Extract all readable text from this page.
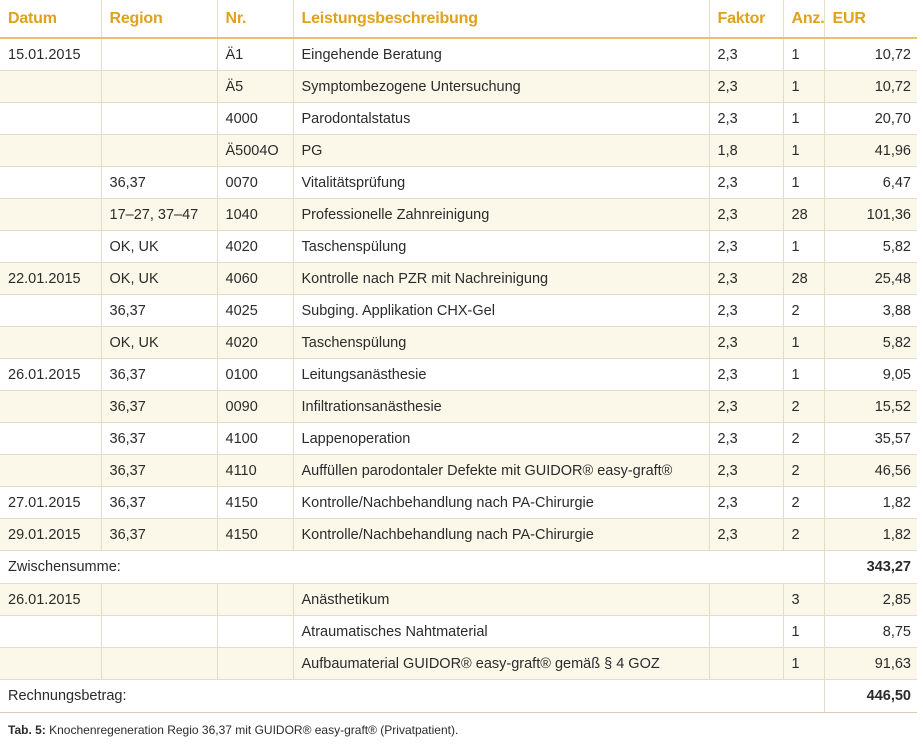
Datum	Region	Nr.	Leistungsbeschreibung	Faktor	Anz.	EUR
15.01.2015		Ä1	Eingehende Beratung	2,3	1	10,72
		Ä5	Symptombezogene Untersuchung	2,3	1	10,72
		4000	Parodontalstatus	2,3	1	20,70
		Ä5004O	PG	1,8	1	41,96
	36,37	0070	Vitalitätsprüfung	2,3	1	6,47
	17–27, 37–47	1040	Professionelle Zahnreinigung	2,3	28	101,36
	OK, UK	4020	Taschenspülung	2,3	1	5,82
22.01.2015	OK, UK	4060	Kontrolle nach PZR mit Nachreinigung	2,3	28	25,48
	36,37	4025	Subging. Applikation CHX-Gel	2,3	2	3,88
	OK, UK	4020	Taschenspülung	2,3	1	5,82
26.01.2015	36,37	0100	Leitungsanästhesie	2,3	1	9,05
	36,37	0090	Infiltrationsanästhesie	2,3	2	15,52
	36,37	4100	Lappenoperation	2,3	2	35,57
	36,37	4110	Auffüllen parodontaler Defekte mit GUIDOR® easy-graft®	2,3	2	46,56
27.01.2015	36,37	4150	Kontrolle/Nachbehandlung nach PA-Chirurgie	2,3	2	1,82
29.01.2015	36,37	4150	Kontrolle/Nachbehandlung nach PA-Chirurgie	2,3	2	1,82
Zwischensumme:						343,27
26.01.2015			Anästhetikum		3	2,85
			Atraumatisches Nahtmaterial		1	8,75
			Aufbaumaterial GUIDOR® easy-graft® gemäß § 4 GOZ		1	91,63
Rechnungsbetrag:						446,50
Tab. 5: Knochenregeneration Regio 36,37 mit GUIDOR® easy-graft® (Privatpatient).
